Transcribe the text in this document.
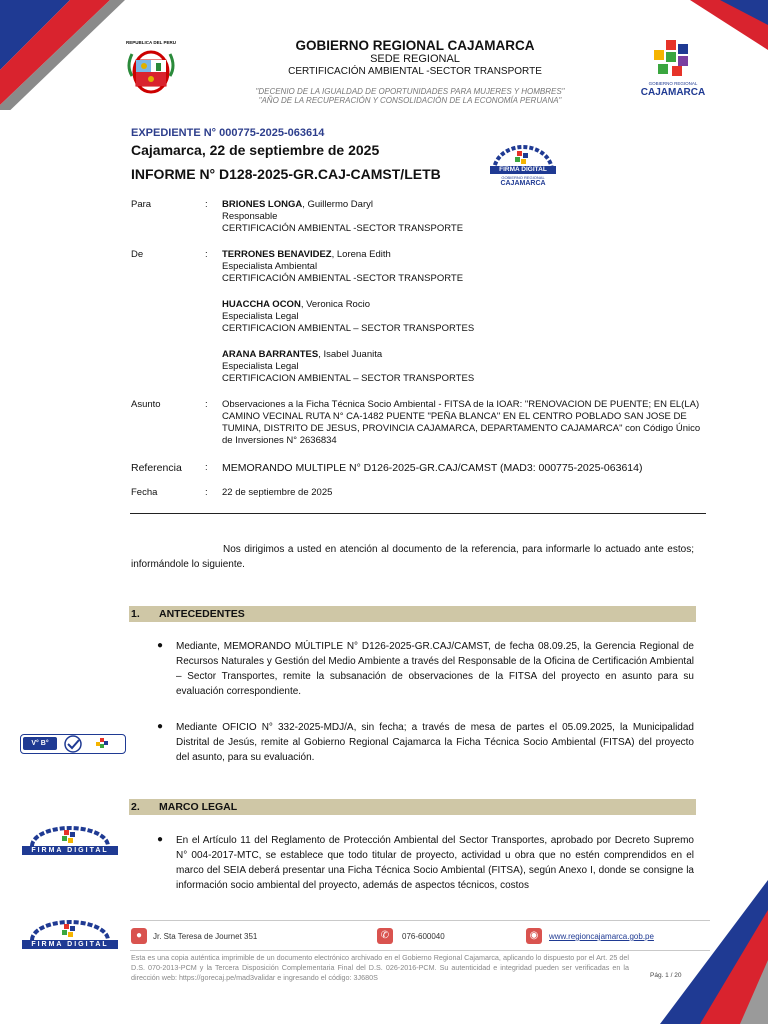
REPUBLICA DEL PERU	GOBIERNO REGIONAL CAJAMARCA
SEDE REGIONAL
CERTIFICACIÓN AMBIENTAL -SECTOR TRANSPORTE
"DECENIO DE LA IGUALDAD DE OPORTUNIDADES PARA MUJERES Y HOMBRES"
"AÑO DE LA RECUPERACIÓN Y CONSOLIDACIÓN DE LA ECONOMÍA PERUANA"
GOBIERNO REGIONAL
CAJAMARCA
EXPEDIENTE N° 000775-2025-063614
Cajamarca, 22 de septiembre de 2025
INFORME N° D128-2025-GR.CAJ-CAMST/LETB	FIRMA DIGITAL
GOBIERNO REGIONAL
CAJAMARCA
Para	: BRIONES LONGA, Guillermo Daryl
Responsable
CERTIFICACIÓN AMBIENTAL -SECTOR TRANSPORTE
De	: TERRONES BENAVIDEZ, Lorena Edith
Especialista Ambiental
CERTIFICACIÓN AMBIENTAL -SECTOR TRANSPORTE
HUACCHA OCON, Veronica Rocio
Especialista Legal
CERTIFICACION AMBIENTAL – SECTOR TRANSPORTES
ARANA BARRANTES, Isabel Juanita
Especialista Legal
CERTIFICACION AMBIENTAL – SECTOR TRANSPORTES
Asunto	: Observaciones a la Ficha Técnica Socio Ambiental - FITSA de la IOAR: "RENOVACION DE PUENTE; EN EL(LA) CAMINO VECINAL RUTA N° CA-1482 PUENTE "PEÑA BLANCA" EN EL CENTRO POBLADO SAN JOSE DE TUMINA, DISTRITO DE JESUS, PROVINCIA CAJAMARCA, DEPARTAMENTO CAJAMARCA" con Código Único de Inversiones N° 2636834
Referencia : MEMORANDO MULTIPLE N° D126-2025-GR.CAJ/CAMST (MAD3: 000775-2025-063614)
Fecha	: 22 de septiembre de 2025
Nos dirigimos a usted en atención al documento de la referencia, para informarle lo actuado ante estos; informándole lo siguiente.
1. ANTECEDENTES
● Mediante, MEMORANDO MÚLTIPLE N° D126-2025-GR.CAJ/CAMST, de fecha 08.09.25, la Gerencia Regional de Recursos Naturales y Gestión del Medio Ambiente a través del Responsable de la Oficina de Certificación Ambiental – Sector Transportes, remite la subsanación de observaciones de la FITSA del proyecto en asunto para su evaluación correspondiente.
● Mediante OFICIO N° 332-2025-MDJ/A, sin fecha; a través de mesa de partes el 05.09.2025, la Municipalidad Distrital de Jesús, remite al Gobierno Regional Cajamarca la Ficha Técnica Socio Ambiental (FITSA) del proyecto del asunto, para su evaluación.
2. MARCO LEGAL
● En el Artículo 11 del Reglamento de Protección Ambiental del Sector Transportes, aprobado por Decreto Supremo N° 004-2017-MTC, se establece que todo titular de proyecto, actividad u obra que no estén comprendidos en el marco del SEIA deberá presentar una Ficha Técnica Socio Ambiental (FITSA), según Anexo I, donde se consigne la información socio ambiental del proyecto, además de aspectos técnicos, costos
V° B°
FIRMA DIGITAL
FIRMA DIGITAL
●	Jr. Sta Teresa de Journet 351	✆	076-600040	◉	www.regioncajamarca.gob.pe
Esta es una copia auténtica imprimible de un documento electrónico archivado en el Gobierno Regional Cajamarca, aplicando lo dispuesto por el Art. 25 del D.S. 070-2013-PCM y la Tercera Disposición Complementaria Final del D.S. 026-2016-PCM. Su autenticidad e integridad pueden ser verificadas en la dirección web: https://gorecaj.pe/mad3validar e ingresando el código: 3J680S	Pág. 1 / 20
